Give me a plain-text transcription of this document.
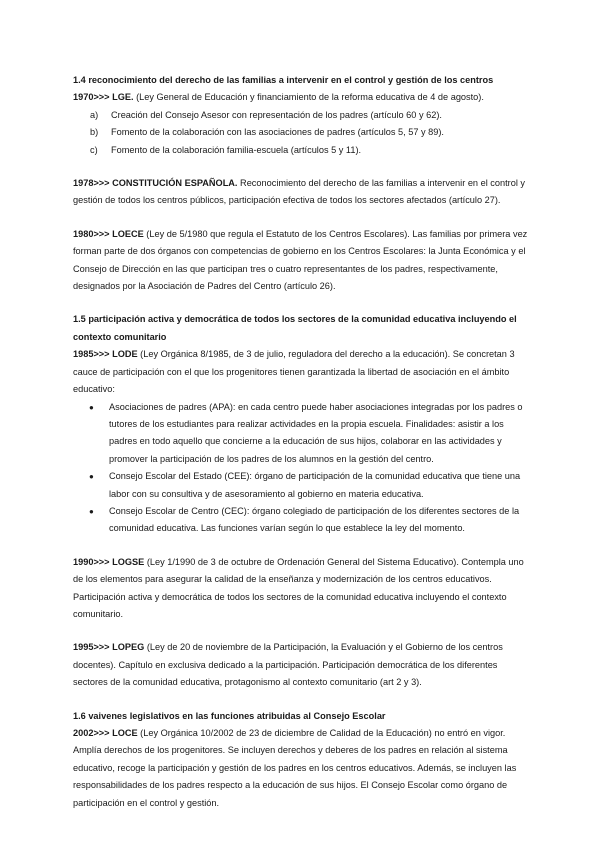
1.4 reconocimiento del derecho de las familias a intervenir en el control y gestión de los centros

1970>>> LGE. (Ley General de Educación y financiamiento de la reforma educativa de 4 de agosto).

a)	Creación del Consejo Asesor con representación de los padres (artículo 60 y 62).
b)	Fomento de la colaboración con las asociaciones de padres (artículos 5, 57 y 89).
c)	Fomento de la colaboración familia-escuela (artículos 5 y 11).

1978>>> CONSTITUCIÓN ESPAÑOLA. Reconocimiento del derecho de las familias a intervenir en el control y gestión de todos los centros públicos, participación efectiva de todos los sectores afectados (artículo 27).

1980>>> LOECE (Ley de 5/1980 que regula el Estatuto de los Centros Escolares). Las familias por primera vez forman parte de dos órganos con competencias de gobierno en los Centros Escolares: la Junta Económica y el Consejo de Dirección en las que participan tres o cuatro representantes de los padres, respectivamente, designados por la Asociación de Padres del Centro (artículo 26).

1.5 participación activa y democrática de todos los sectores de la comunidad educativa incluyendo el contexto comunitario

1985>>> LODE (Ley Orgánica 8/1985, de 3 de julio, reguladora del derecho a la educación). Se concretan 3 cauce de participación con el que los progenitores tienen garantizada la libertad de asociación en el ámbito educativo:

●	Asociaciones de padres (APA): en cada centro puede haber asociaciones integradas por los padres o tutores de los estudiantes para realizar actividades en la propia escuela. Finalidades: asistir a los padres en todo aquello que concierne a la educación de sus hijos, colaborar en las actividades y promover la participación de los padres de los alumnos en la gestión del centro.
●	Consejo Escolar del Estado (CEE): órgano de participación de la comunidad educativa que tiene una labor con su consultiva y de asesoramiento al gobierno en materia educativa.
●	Consejo Escolar de Centro (CEC): órgano colegiado de participación de los diferentes sectores de la comunidad educativa. Las funciones varían según lo que establece la ley del momento.

1990>>> LOGSE (Ley 1/1990 de 3 de octubre de Ordenación General del Sistema Educativo). Contempla uno de los elementos para asegurar la calidad de la enseñanza y modernización de los centros educativos. Participación activa y democrática de todos los sectores de la comunidad educativa incluyendo el contexto comunitario.

1995>>> LOPEG (Ley de 20 de noviembre de la Participación, la Evaluación y el Gobierno de los centros docentes). Capítulo en exclusiva dedicado a la participación. Participación democrática de los diferentes sectores de la comunidad educativa, protagonismo al contexto comunitario (art 2 y 3).

1.6 vaivenes legislativos en las funciones atribuidas al Consejo Escolar

2002>>> LOCE (Ley Orgánica 10/2002 de 23 de diciembre de Calidad de la Educación) no entró en vigor. Amplía derechos de los progenitores. Se incluyen derechos y deberes de los padres en relación al sistema educativo, recoge la participación y gestión de los padres en los centros educativos. Además, se incluyen las responsabilidades de los padres respecto a la educación de sus hijos. El Consejo Escolar como órgano de participación en el control y gestión.
